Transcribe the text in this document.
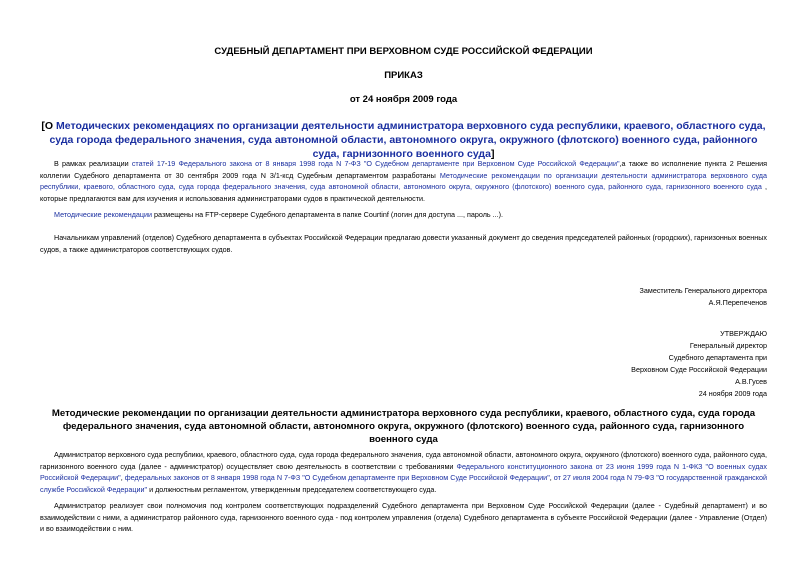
СУДЕБНЫЙ ДЕПАРТАМЕНТ ПРИ ВЕРХОВНОМ СУДЕ РОССИЙСКОЙ ФЕДЕРАЦИИ
ПРИКАЗ
от 24 ноября 2009 года
[О Методических рекомендациях по организации деятельности администратора верховного суда республики, краевого, областного суда, суда города федерального значения, суда автономной области, автономного округа, окружного (флотского) военного суда, районного суда, гарнизонного военного суда]
В рамках реализации статей 17-19 Федерального закона от 8 января 1998 года N 7-ФЗ "О Судебном департаменте при Верховном Суде Российской Федерации",а также во исполнение пункта 2 Решения коллегии Судебного департамента от 30 сентября 2009 года N 3/1-ксд Судебным департаментом разработаны Методические рекомендации по организации деятельности администратора верховного суда республики, краевого, областного суда, суда города федерального значения, суда автономной области, автономного округа, окружного (флотского) военного суда, районного суда, гарнизонного военного суда , которые предлагаются вам для изучения и использования администраторами судов в практической деятельности.
Методические рекомендации размещены на FTP-сервере Судебного департамента в папке Courtinf (логин для доступа ..., пароль ...).
Начальникам управлений (отделов) Судебного департамента в субъектах Российской Федерации предлагаю довести указанный документ до сведения председателей районных (городских), гарнизонных военных судов, а также администраторов соответствующих судов.
Заместитель Генерального директора
А.Я.Перепеченов
УТВЕРЖДАЮ
Генеральный директор
Судебного департамента при
Верховном Суде Российской Федерации
А.В.Гусев
24 ноября 2009 года
Методические рекомендации по организации деятельности администратора верховного суда республики, краевого, областного суда, суда города федерального значения, суда автономной области, автономного округа, окружного (флотского) военного суда, районного суда, гарнизонного военного суда
Администратор верховного суда республики, краевого, областного суда, суда города федерального значения, суда автономной области, автономного округа, окружного (флотского) военного суда, районного суда, гарнизонного военного суда (далее - администратор) осуществляет свою деятельность в соответствии с требованиями Федерального конституционного закона от 23 июня 1999 года N 1-ФКЗ "О военных судах Российской Федерации", федеральных законов от 8 января 1998 года N 7-ФЗ "О Судебном департаменте при Верховном Суде Российской Федерации", от 27 июля 2004 года N 79-ФЗ "О государственной гражданской службе Российской Федерации" и должностным регламентом, утвержденным председателем соответствующего суда.
Администратор реализует свои полномочия под контролем соответствующих подразделений Судебного департамента при Верховном Суде Российской Федерации (далее - Судебный департамент) и во взаимодействии с ними, а администратор районного суда, гарнизонного военного суда - под контролем управления (отдела) Судебного департамента в субъекте Российской Федерации (далее - Управление (Отдел) и во взаимодействии с ним.
